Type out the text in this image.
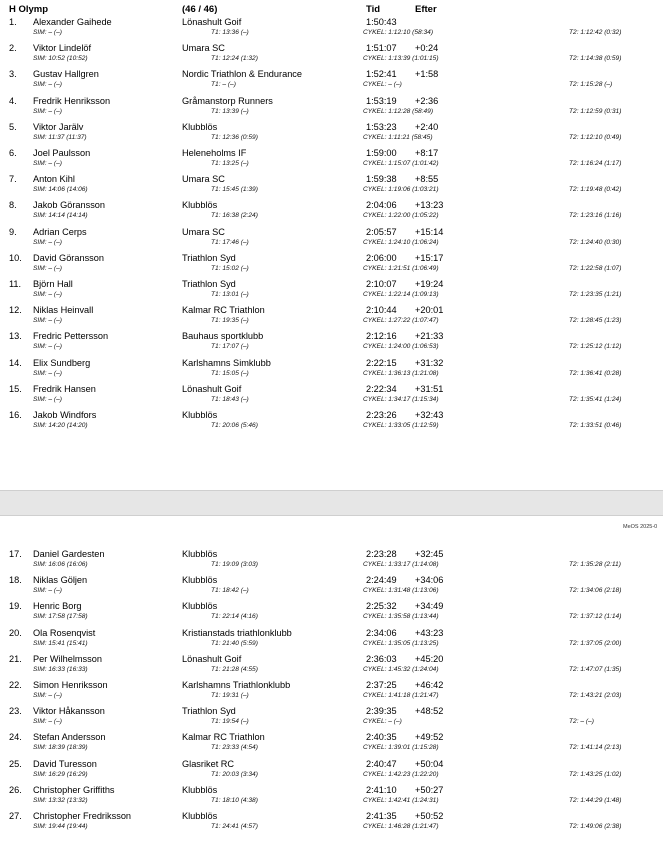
H Olymp	(46 / 46)	Tid	Efter
1. Alexander Gaihede	Lönashult Goif	1:50:43
SIM: – (–)	T1: 13:36 (–)	CYKEL: 1:12:10 (58:34)	T2: 1:12:42 (0:32)
2. Viktor Lindelöf	Umara SC	1:51:07 +0:24
SIM: 10:52 (10:52)	T1: 12:24 (1:32)	CYKEL: 1:13:39 (1:01:15)	T2: 1:14:38 (0:59)
3. Gustav Hallgren	Nordic Triathlon & Endurance	1:52:41 +1:58
SIM: – (–)	T1: – (–)	CYKEL: – (–)	T2: 1:15:28 (–)
4. Fredrik Henriksson	Gråmanstorp Runners	1:53:19 +2:36
SIM: – (–)	T1: 13:39 (–)	CYKEL: 1:12:28 (58:49)	T2: 1:12:59 (0:31)
5. Viktor Jarälv	Klubblös	1:53:23 +2:40
SIM: 11:37 (11:37)	T1: 12:36 (0:59)	CYKEL: 1:11:21 (58:45)	T2: 1:12:10 (0:49)
6. Joel Paulsson	Heleneholms IF	1:59:00 +8:17
SIM: – (–)	T1: 13:25 (–)	CYKEL: 1:15:07 (1:01:42)	T2: 1:16:24 (1:17)
7. Anton Kihl	Umara SC	1:59:38 +8:55
SIM: 14:06 (14:06)	T1: 15:45 (1:39)	CYKEL: 1:19:06 (1:03:21)	T2: 1:19:48 (0:42)
8. Jakob Göransson	Klubblös	2:04:06 +13:23
SIM: 14:14 (14:14)	T1: 16:38 (2:24)	CYKEL: 1:22:00 (1:05:22)	T2: 1:23:16 (1:16)
9. Adrian Cerps	Umara SC	2:05:57 +15:14
SIM: – (–)	T1: 17:46 (–)	CYKEL: 1:24:10 (1:06:24)	T2: 1:24:40 (0:30)
10. David Göransson	Triathlon Syd	2:06:00 +15:17
SIM: – (–)	T1: 15:02 (–)	CYKEL: 1:21:51 (1:06:49)	T2: 1:22:58 (1:07)
11. Björn Hall	Triathlon Syd	2:10:07 +19:24
SIM: – (–)	T1: 13:01 (–)	CYKEL: 1:22:14 (1:09:13)	T2: 1:23:35 (1:21)
12. Niklas Heinvall	Kalmar RC Triathlon	2:10:44 +20:01
SIM: – (–)	T1: 19:35 (–)	CYKEL: 1:27:22 (1:07:47)	T2: 1:28:45 (1:23)
13. Fredric Pettersson	Bauhaus sportklubb	2:12:16 +21:33
SIM: – (–)	T1: 17:07 (–)	CYKEL: 1:24:00 (1:06:53)	T2: 1:25:12 (1:12)
14. Elix Sundberg	Karlshamns Simklubb	2:22:15 +31:32
SIM: – (–)	T1: 15:05 (–)	CYKEL: 1:36:13 (1:21:08)	T2: 1:36:41 (0:28)
15. Fredrik Hansen	Lönashult Goif	2:22:34 +31:51
SIM: – (–)	T1: 18:43 (–)	CYKEL: 1:34:17 (1:15:34)	T2: 1:35:41 (1:24)
16. Jakob Windfors	Klubblös	2:23:26 +32:43
SIM: 14:20 (14:20)	T1: 20:06 (5:46)	CYKEL: 1:33:05 (1:12:59)	T2: 1:33:51 (0:46)
MeOS 2025-0
17. Daniel Gardesten	Klubblös	2:23:28 +32:45
SIM: 16:06 (16:06)	T1: 19:09 (3:03)	CYKEL: 1:33:17 (1:14:08)	T2: 1:35:28 (2:11)
18. Niklas Göljen	Klubblös	2:24:49 +34:06
SIM: – (–)	T1: 18:42 (–)	CYKEL: 1:31:48 (1:13:06)	T2: 1:34:06 (2:18)
19. Henric Borg	Klubblös	2:25:32 +34:49
SIM: 17:58 (17:58)	T1: 22:14 (4:16)	CYKEL: 1:35:58 (1:13:44)	T2: 1:37:12 (1:14)
20. Ola Rosenqvist	Kristianstads triathlonklubb	2:34:06 +43:23
SIM: 15:41 (15:41)	T1: 21:40 (5:59)	CYKEL: 1:35:05 (1:13:25)	T2: 1:37:05 (2:00)
21. Per Wilhelmsson	Lönashult Goif	2:36:03 +45:20
SIM: 16:33 (16:33)	T1: 21:28 (4:55)	CYKEL: 1:45:32 (1:24:04)	T2: 1:47:07 (1:35)
22. Simon Henriksson	Karlshamns Triathlonklubb	2:37:25 +46:42
SIM: – (–)	T1: 19:31 (–)	CYKEL: 1:41:18 (1:21:47)	T2: 1:43:21 (2:03)
23. Viktor Håkansson	Triathlon Syd	2:39:35 +48:52
SIM: – (–)	T1: 19:54 (–)	CYKEL: – (–)	T2: – (–)
24. Stefan Andersson	Kalmar RC Triathlon	2:40:35 +49:52
SIM: 18:39 (18:39)	T1: 23:33 (4:54)	CYKEL: 1:39:01 (1:15:28)	T2: 1:41:14 (2:13)
25. David Turesson	Glasriket RC	2:40:47 +50:04
SIM: 16:29 (16:29)	T1: 20:03 (3:34)	CYKEL: 1:42:23 (1:22:20)	T2: 1:43:25 (1:02)
26. Christopher Griffiths	Klubblös	2:41:10 +50:27
SIM: 13:32 (13:32)	T1: 18:10 (4:38)	CYKEL: 1:42:41 (1:24:31)	T2: 1:44:29 (1:48)
27. Christopher Fredriksson	Klubblös	2:41:35 +50:52
SIM: 19:44 (19:44)	T1: 24:41 (4:57)	CYKEL: 1:46:28 (1:21:47)	T2: 1:49:06 (2:38)
